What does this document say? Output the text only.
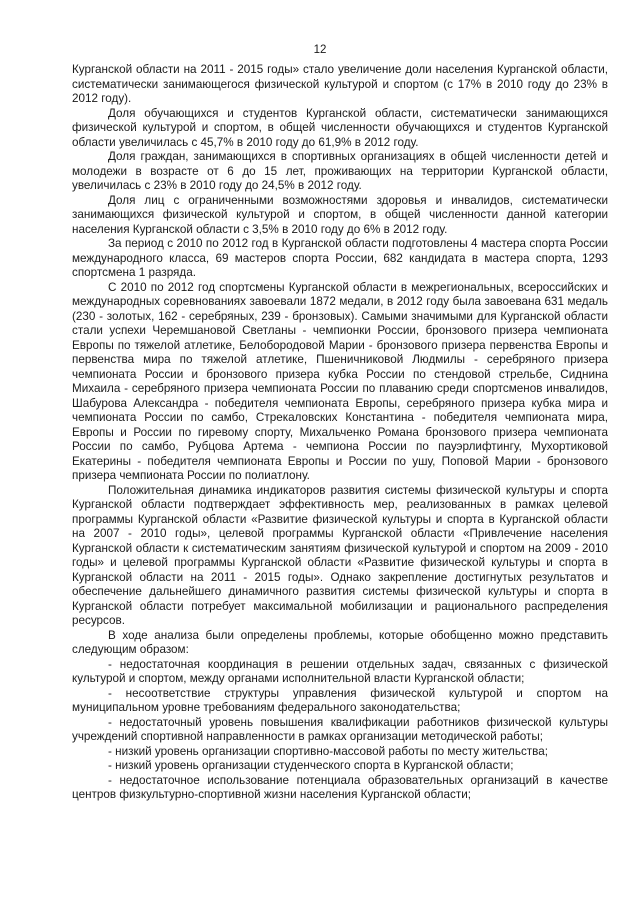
12

Курганской области на 2011 - 2015 годы» стало увеличение доли населения Курганской области, систематически занимающегося физической культурой и спортом (с 17% в 2010 году до 23% в 2012 году).

Доля обучающихся и студентов Курганской области, систематически занимающихся физической культурой и спортом, в общей численности обучающихся и студентов Курганской области увеличилась с 45,7% в 2010 году до 61,9% в 2012 году.

Доля граждан, занимающихся в спортивных организациях в общей численности детей и молодежи в возрасте от 6 до 15 лет, проживающих на территории Курганской области, увеличилась с 23% в 2010 году до 24,5% в 2012 году.

Доля лиц с ограниченными возможностями здоровья и инвалидов, систематически занимающихся физической культурой и спортом, в общей численности данной категории населения Курганской области с 3,5% в 2010 году до 6% в 2012 году.

За период с 2010 по 2012 год в Курганской области подготовлены 4 мастера спорта России международного класса, 69 мастеров спорта России, 682 кандидата в мастера спорта, 1293 спортсмена 1 разряда.

С 2010 по 2012 год спортсмены Курганской области в межрегиональных, всероссийских и международных соревнованиях завоевали 1872 медали, в 2012 году была завоевана 631 медаль (230 - золотых, 162 - серебряных, 239 - бронзовых). Самыми значимыми для Курганской области стали успехи Черемшановой Светланы - чемпионки России, бронзового призера чемпионата Европы по тяжелой атлетике, Белобородовой Марии - бронзового призера первенства Европы и первенства мира по тяжелой атлетике, Пшеничниковой Людмилы - серебряного призера чемпионата России и бронзового призера кубка России по стендовой стрельбе, Сиднина Михаила - серебряного призера чемпионата России по плаванию среди спортсменов инвалидов, Шабурова Александра - победителя чемпионата Европы, серебряного призера кубка мира и чемпионата России по самбо, Стрекаловских Константина - победителя чемпионата мира, Европы и России по гиревому спорту, Михальченко Романа бронзового призера чемпионата России по самбо, Рубцова Артема - чемпиона России по пауэрлифтингу, Мухортиковой Екатерины - победителя чемпионата Европы и России по ушу, Поповой Марии - бронзового призера чемпионата России по полиатлону.

Положительная динамика индикаторов развития системы физической культуры и спорта Курганской области подтверждает эффективность мер, реализованных в рамках целевой программы Курганской области «Развитие физической культуры и спорта в Курганской области на 2007 - 2010 годы», целевой программы Курганской области «Привлечение населения Курганской области к систематическим занятиям физической культурой и спортом на 2009 - 2010 годы» и целевой программы Курганской области «Развитие физической культуры и спорта в Курганской области на 2011 - 2015 годы». Однако закрепление достигнутых результатов и обеспечение дальнейшего динамичного развития системы физической культуры и спорта в Курганской области потребует максимальной мобилизации и рационального распределения ресурсов.

В ходе анализа были определены проблемы, которые обобщенно можно представить следующим образом:

- недостаточная координация в решении отдельных задач, связанных с физической культурой и спортом, между органами исполнительной власти Курганской области;

- несоответствие структуры управления физической культурой и спортом на муниципальном уровне требованиям федерального законодательства;

- недостаточный уровень повышения квалификации работников физической культуры учреждений спортивной направленности в рамках организации методической работы;

- низкий уровень организации спортивно-массовой работы по месту жительства;

- низкий уровень организации студенческого спорта в Курганской области;

- недостаточное использование потенциала образовательных организаций в качестве центров физкультурно-спортивной жизни населения Курганской области;
